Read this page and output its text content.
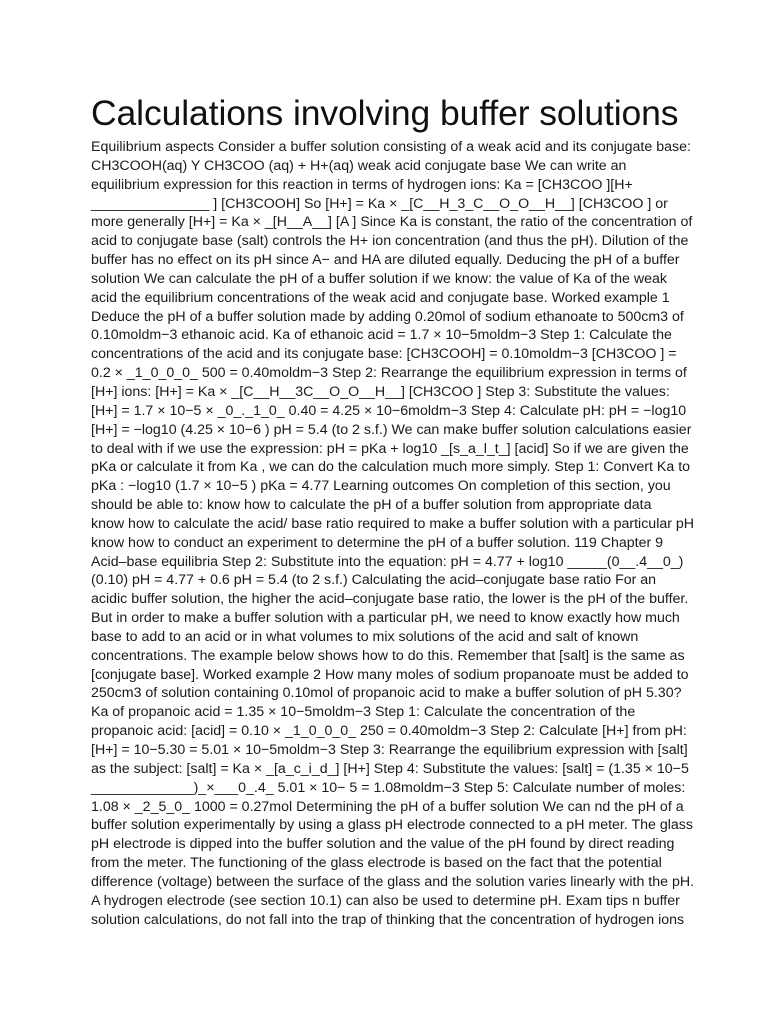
Calculations involving buffer solutions
Equilibrium aspects Consider a buffer solution consisting of a weak acid and its conjugate base:
CH3COOH(aq) Y CH3COO (aq) + H+(aq) weak acid conjugate base We can write an
equilibrium expression for this reaction in terms of hydrogen ions: Ka = [CH3COO ][H+
_______________ ] [CH3COOH] So [H+] = Ka × _[C__H_3_C__O_O__H__] [CH3COO ] or
more generally [H+] = Ka × _[H__A__] [A ] Since Ka is constant, the ratio of the concentration of
acid to conjugate base (salt) controls the H+ ion concentration (and thus the pH). Dilution of the
buffer has no effect on its pH since A− and HA are diluted equally. Deducing the pH of a buffer
solution We can calculate the pH of a buffer solution if we know: the value of Ka of the weak
acid the equilibrium concentrations of the weak acid and conjugate base. Worked example 1
Deduce the pH of a buffer solution made by adding 0.20mol of sodium ethanoate to 500cm3 of
0.10moldm−3 ethanoic acid. Ka of ethanoic acid = 1.7 × 10−5moldm−3 Step 1: Calculate the
concentrations of the acid and its conjugate base: [CH3COOH] = 0.10moldm−3 [CH3COO ] =
0.2 × _1_0_0_0_ 500 = 0.40moldm−3 Step 2: Rearrange the equilibrium expression in terms of
[H+] ions: [H+] = Ka × _[C__H__3C__O_O__H__] [CH3COO ] Step 3: Substitute the values:
[H+] = 1.7 × 10−5 × _0_._1_0_ 0.40 = 4.25 × 10−6moldm−3 Step 4: Calculate pH: pH = −log10
[H+] = −log10 (4.25 × 10−6 ) pH = 5.4 (to 2 s.f.) We can make buffer solution calculations easier
to deal with if we use the expression: pH = pKa + log10 _[s_a_l_t_] [acid] So if we are given the
pKa or calculate it from Ka , we can do the calculation much more simply. Step 1: Convert Ka to
pKa : −log10 (1.7 × 10−5 ) pKa = 4.77 Learning outcomes On completion of this section, you
should be able to: know how to calculate the pH of a buffer solution from appropriate data
know how to calculate the acid/ base ratio required to make a buffer solution with a particular pH
know how to conduct an experiment to determine the pH of a buffer solution. 119 Chapter 9
Acid–base equilibria Step 2: Substitute into the equation: pH = 4.77 + log10 _____(0__.4__0_)
(0.10) pH = 4.77 + 0.6 pH = 5.4 (to 2 s.f.) Calculating the acid–conjugate base ratio For an
acidic buffer solution, the higher the acid–conjugate base ratio, the lower is the pH of the buffer.
But in order to make a buffer solution with a particular pH, we need to know exactly how much
base to add to an acid or in what volumes to mix solutions of the acid and salt of known
concentrations. The example below shows how to do this. Remember that [salt] is the same as
[conjugate base]. Worked example 2 How many moles of sodium propanoate must be added to
250cm3 of solution containing 0.10mol of propanoic acid to make a buffer solution of pH 5.30?
Ka of propanoic acid = 1.35 × 10−5moldm−3 Step 1: Calculate the concentration of the
propanoic acid: [acid] = 0.10 × _1_0_0_0_ 250 = 0.40moldm−3 Step 2: Calculate [H+] from pH:
[H+] = 10−5.30 = 5.01 × 10−5moldm−3 Step 3: Rearrange the equilibrium expression with [salt]
as the subject: [salt] = Ka × _[a_c_i_d_] [H+] Step 4: Substitute the values: [salt] = (1.35 × 10−5
_____________)_×___0_.4_ 5.01 × 10− 5 = 1.08moldm−3 Step 5: Calculate number of moles:
1.08 × _2_5_0_ 1000 = 0.27mol Determining the pH of a buffer solution We can nd the pH of a
buffer solution experimentally by using a glass pH electrode connected to a pH meter. The glass
pH electrode is dipped into the buffer solution and the value of the pH found by direct reading
from the meter. The functioning of the glass electrode is based on the fact that the potential
difference (voltage) between the surface of the glass and the solution varies linearly with the pH.
A hydrogen electrode (see section 10.1) can also be used to determine pH. Exam tips n buffer
solution calculations, do not fall into the trap of thinking that the concentration of hydrogen ions
